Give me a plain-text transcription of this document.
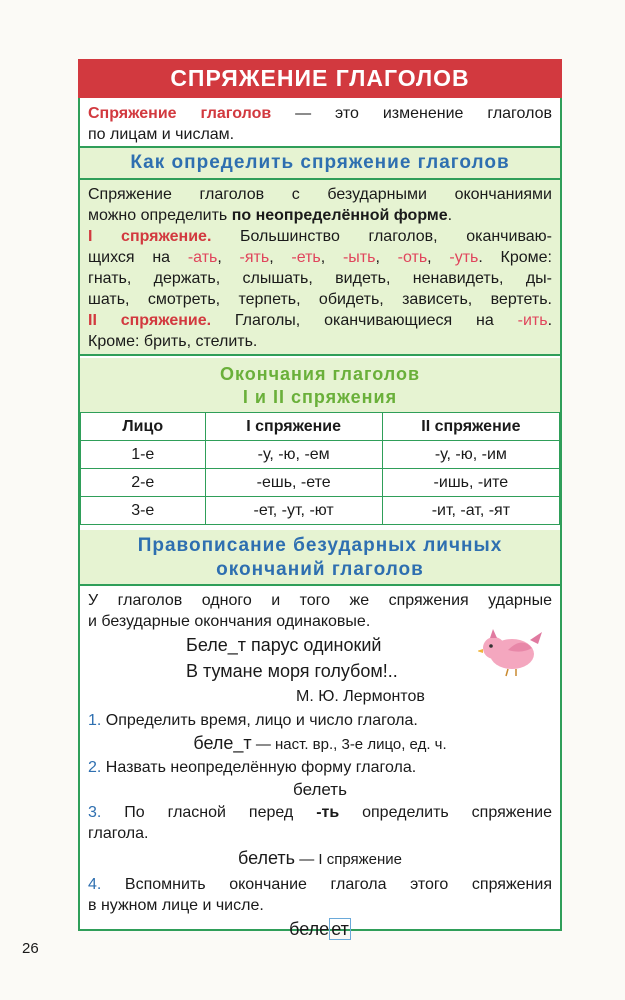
СПРЯЖЕНИЕ ГЛАГОЛОВ
Спряжение глаголов — это изменение глаголов
по лицам и числам.
Как определить спряжение глаголов
Спряжение глаголов с безударными окончаниями
можно определить по неопределённой форме.
I спряжение. Большинство глаголов, оканчиваю-
щихся на -ать, -ять, -еть, -ыть, -оть, -уть. Кроме:
гнать, держать, слышать, видеть, ненавидеть, ды-
шать, смотреть, терпеть, обидеть, зависеть, вертеть.
II спряжение. Глаголы, оканчивающиеся на -ить.
Кроме: брить, стелить.
Окончания глаголов
I и II спряжения
Лицо	I спряжение	II спряжение
1-е	-у, -ю, -ем	-у, -ю, -им
2-е	-ешь, -ете	-ишь, -ите
3-е	-ет, -ут, -ют	-ит, -ат, -ят
Правописание безударных личных
окончаний глаголов
У глаголов одного и того же спряжения ударные
и безударные окончания одинаковые.
Беле_т парус одинокий
В тумане моря голубом!..
М. Ю. Лермонтов
1. Определить время, лицо и число глагола.
беле_т — наст. вр., 3-е лицо, ед. ч.
2. Назвать неопределённую форму глагола.
белеть
3. По гласной перед -ть определить спряжение
глагола.
белеть — I спряжение
4. Вспомнить окончание глагола этого спряжения
в нужном лице и числе.
беле ет
26
